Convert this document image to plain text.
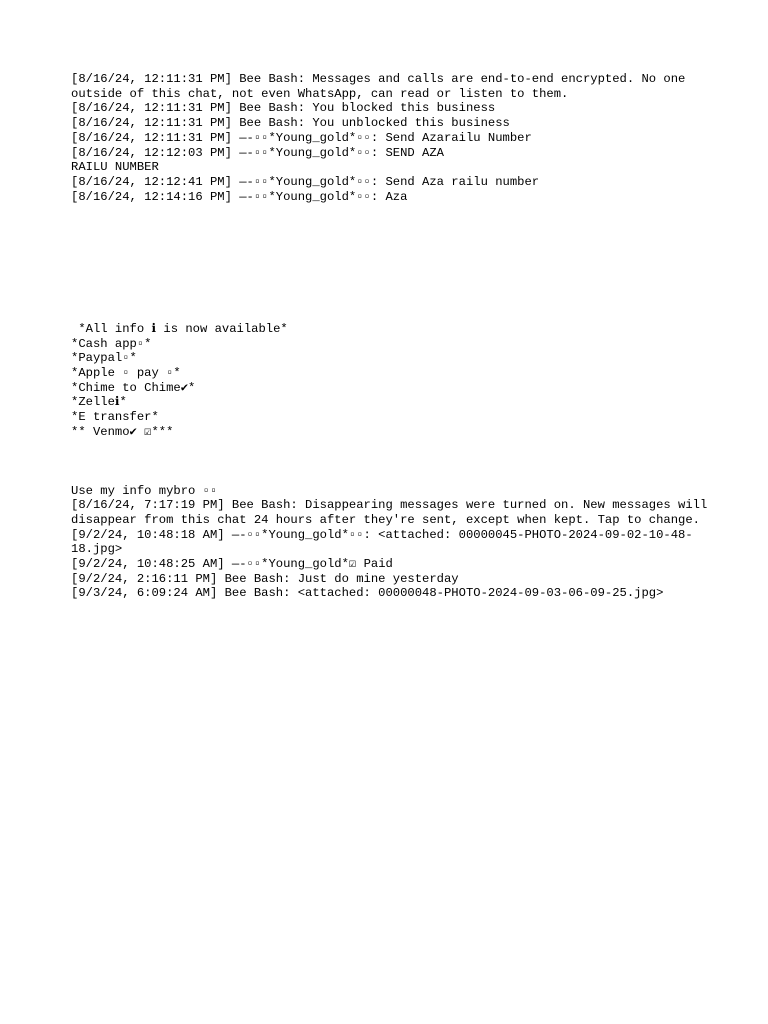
[8/16/24, 12:11:31 PM] Bee Bash: Messages and calls are end-to-end encrypted. No one outside of this chat, not even WhatsApp, can read or listen to them.
[8/16/24, 12:11:31 PM] Bee Bash: You blocked this business
[8/16/24, 12:11:31 PM] Bee Bash: You unblocked this business
[8/16/24, 12:11:31 PM] —-▫▫*Young_gold*▫▫: Send Azarailu Number
[8/16/24, 12:12:03 PM] —-▫▫*Young_gold*▫▫: SEND AZA
RAILU NUMBER
[8/16/24, 12:12:41 PM] —-▫▫*Young_gold*▫▫: Send Aza railu number
[8/16/24, 12:14:16 PM] —-▫▫*Young_gold*▫▫: Aza
*All info ℹ is now available*
*Cash app▫*
*Paypal▫*
*Apple ▫ pay ▫*
*Chime to Chime✔*
*Zelleℹ*
*E transfer*
** Venmo✔ ☑***
Use my info mybro ▫▫
[8/16/24, 7:17:19 PM] Bee Bash: Disappearing messages were turned on. New messages will disappear from this chat 24 hours after they're sent, except when kept. Tap to change.
[9/2/24, 10:48:18 AM] —-▫▫*Young_gold*▫▫: <attached: 00000045-PHOTO-2024-09-02-10-48-18.jpg>
[9/2/24, 10:48:25 AM] —-▫▫*Young_gold*☑ Paid
[9/2/24, 2:16:11 PM] Bee Bash: Just do mine yesterday
[9/3/24, 6:09:24 AM] Bee Bash: <attached: 00000048-PHOTO-2024-09-03-06-09-25.jpg>
